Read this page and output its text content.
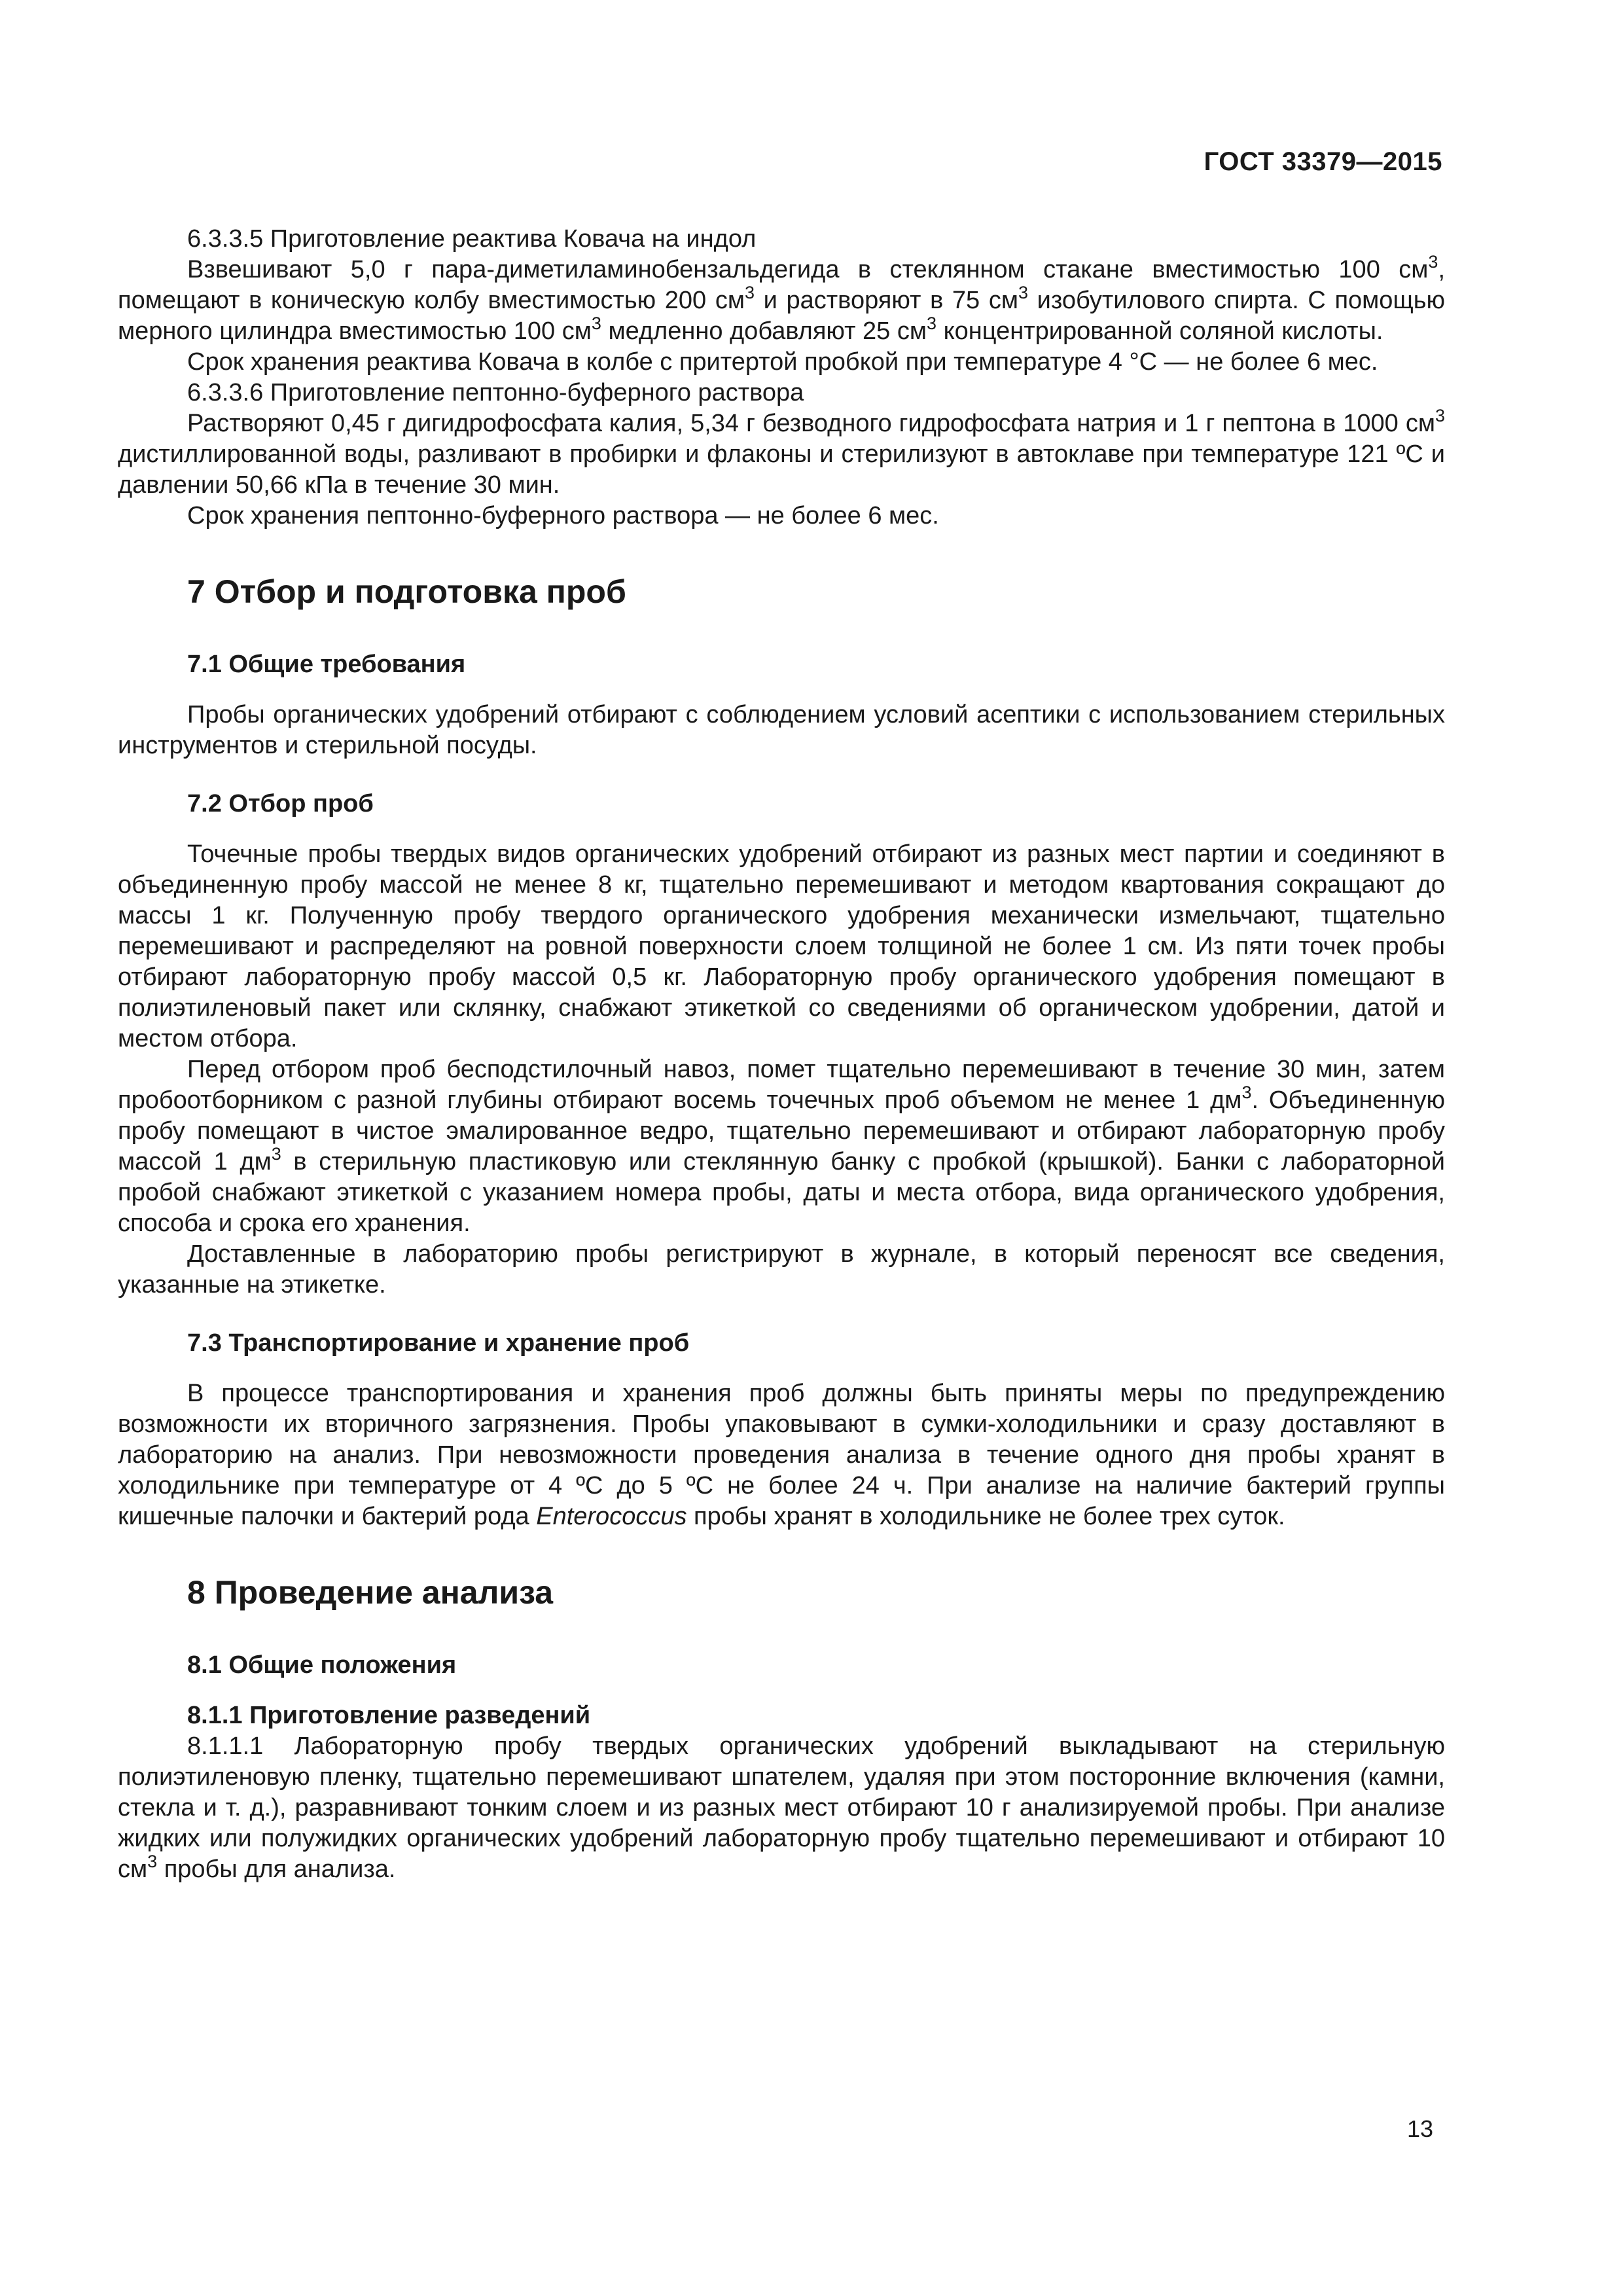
ГОСТ 33379—2015

6.3.3.5 Приготовление реактива Ковача на индол

Взвешивают 5,0 г пара-диметиламинобензальдегида в стеклянном стакане вместимостью 100 $см^3$, помещают в коническую колбу вместимостью 200 $см^3$ и растворяют в 75 $см^3$ изобутилового спирта. С помощью мерного цилиндра вместимостью 100 $см^3$ медленно добавляют 25 $см^3$ концентрированной соляной кислоты.

Срок хранения реактива Ковача в колбе с притертой пробкой при температуре 4 °С — не более 6 мес.

6.3.3.6 Приготовление пептонно-буферного раствора

Растворяют 0,45 г дигидрофосфата калия, 5,34 г безводного гидрофосфата натрия и 1 г пептона в 1000 $см^3$ дистиллированной воды, разливают в пробирки и флаконы и стерилизуют в автоклаве при температуре 121 ºС и давлении 50,66 кПа в течение 30 мин.

Срок хранения пептонно-буферного раствора — не более 6 мес.

7 Отбор и подготовка проб
7.1 Общие требования

Пробы органических удобрений отбирают с соблюдением условий асептики с использованием стерильных инструментов и стерильной посуды.

7.2 Отбор проб

Точечные пробы твердых видов органических удобрений отбирают из разных мест партии и соединяют в объединенную пробу массой не менее 8 кг, тщательно перемешивают и методом квартования сокращают до массы 1 кг. Полученную пробу твердого органического удобрения механически измельчают, тщательно перемешивают и распределяют на ровной поверхности слоем толщиной не более 1 см. Из пяти точек пробы отбирают лабораторную пробу массой 0,5 кг. Лабораторную пробу органического удобрения помещают в полиэтиленовый пакет или склянку, снабжают этикеткой со сведениями об органическом удобрении, датой и местом отбора.

Перед отбором проб бесподстилочный навоз, помет тщательно перемешивают в течение 30 мин, затем пробоотборником с разной глубины отбирают восемь точечных проб объемом не менее 1 $дм^3$. Объединенную пробу помещают в чистое эмалированное ведро, тщательно перемешивают и отбирают лабораторную пробу массой 1 $дм^3$ в стерильную пластиковую или стеклянную банку с пробкой (крышкой). Банки с лабораторной пробой снабжают этикеткой с указанием номера пробы, даты и места отбора, вида органического удобрения, способа и срока его хранения.

Доставленные в лабораторию пробы регистрируют в журнале, в который переносят все сведения, указанные на этикетке.

7.3 Транспортирование и хранение проб

В процессе транспортирования и хранения проб должны быть приняты меры по предупреждению возможности их вторичного загрязнения. Пробы упаковывают в сумки-холодильники и сразу доставляют в лабораторию на анализ. При невозможности проведения анализа в течение одного дня пробы хранят в холодильнике при температуре от 4 ºС до 5 ºС не более 24 ч. При анализе на наличие бактерий группы кишечные палочки и бактерий рода Enterococcus пробы хранят в холодильнике не более трех суток.

8 Проведение анализа
8.1 Общие положения
8.1.1 Приготовление разведений

8.1.1.1 Лабораторную пробу твердых органических удобрений выкладывают на стерильную полиэтиленовую пленку, тщательно перемешивают шпателем, удаляя при этом посторонние включения (камни, стекла и т. д.), разравнивают тонким слоем и из разных мест отбирают 10 г анализируемой пробы. При анализе жидких или полужидких органических удобрений лабораторную пробу тщательно перемешивают и отбирают 10 $см^3$ пробы для анализа.

13
